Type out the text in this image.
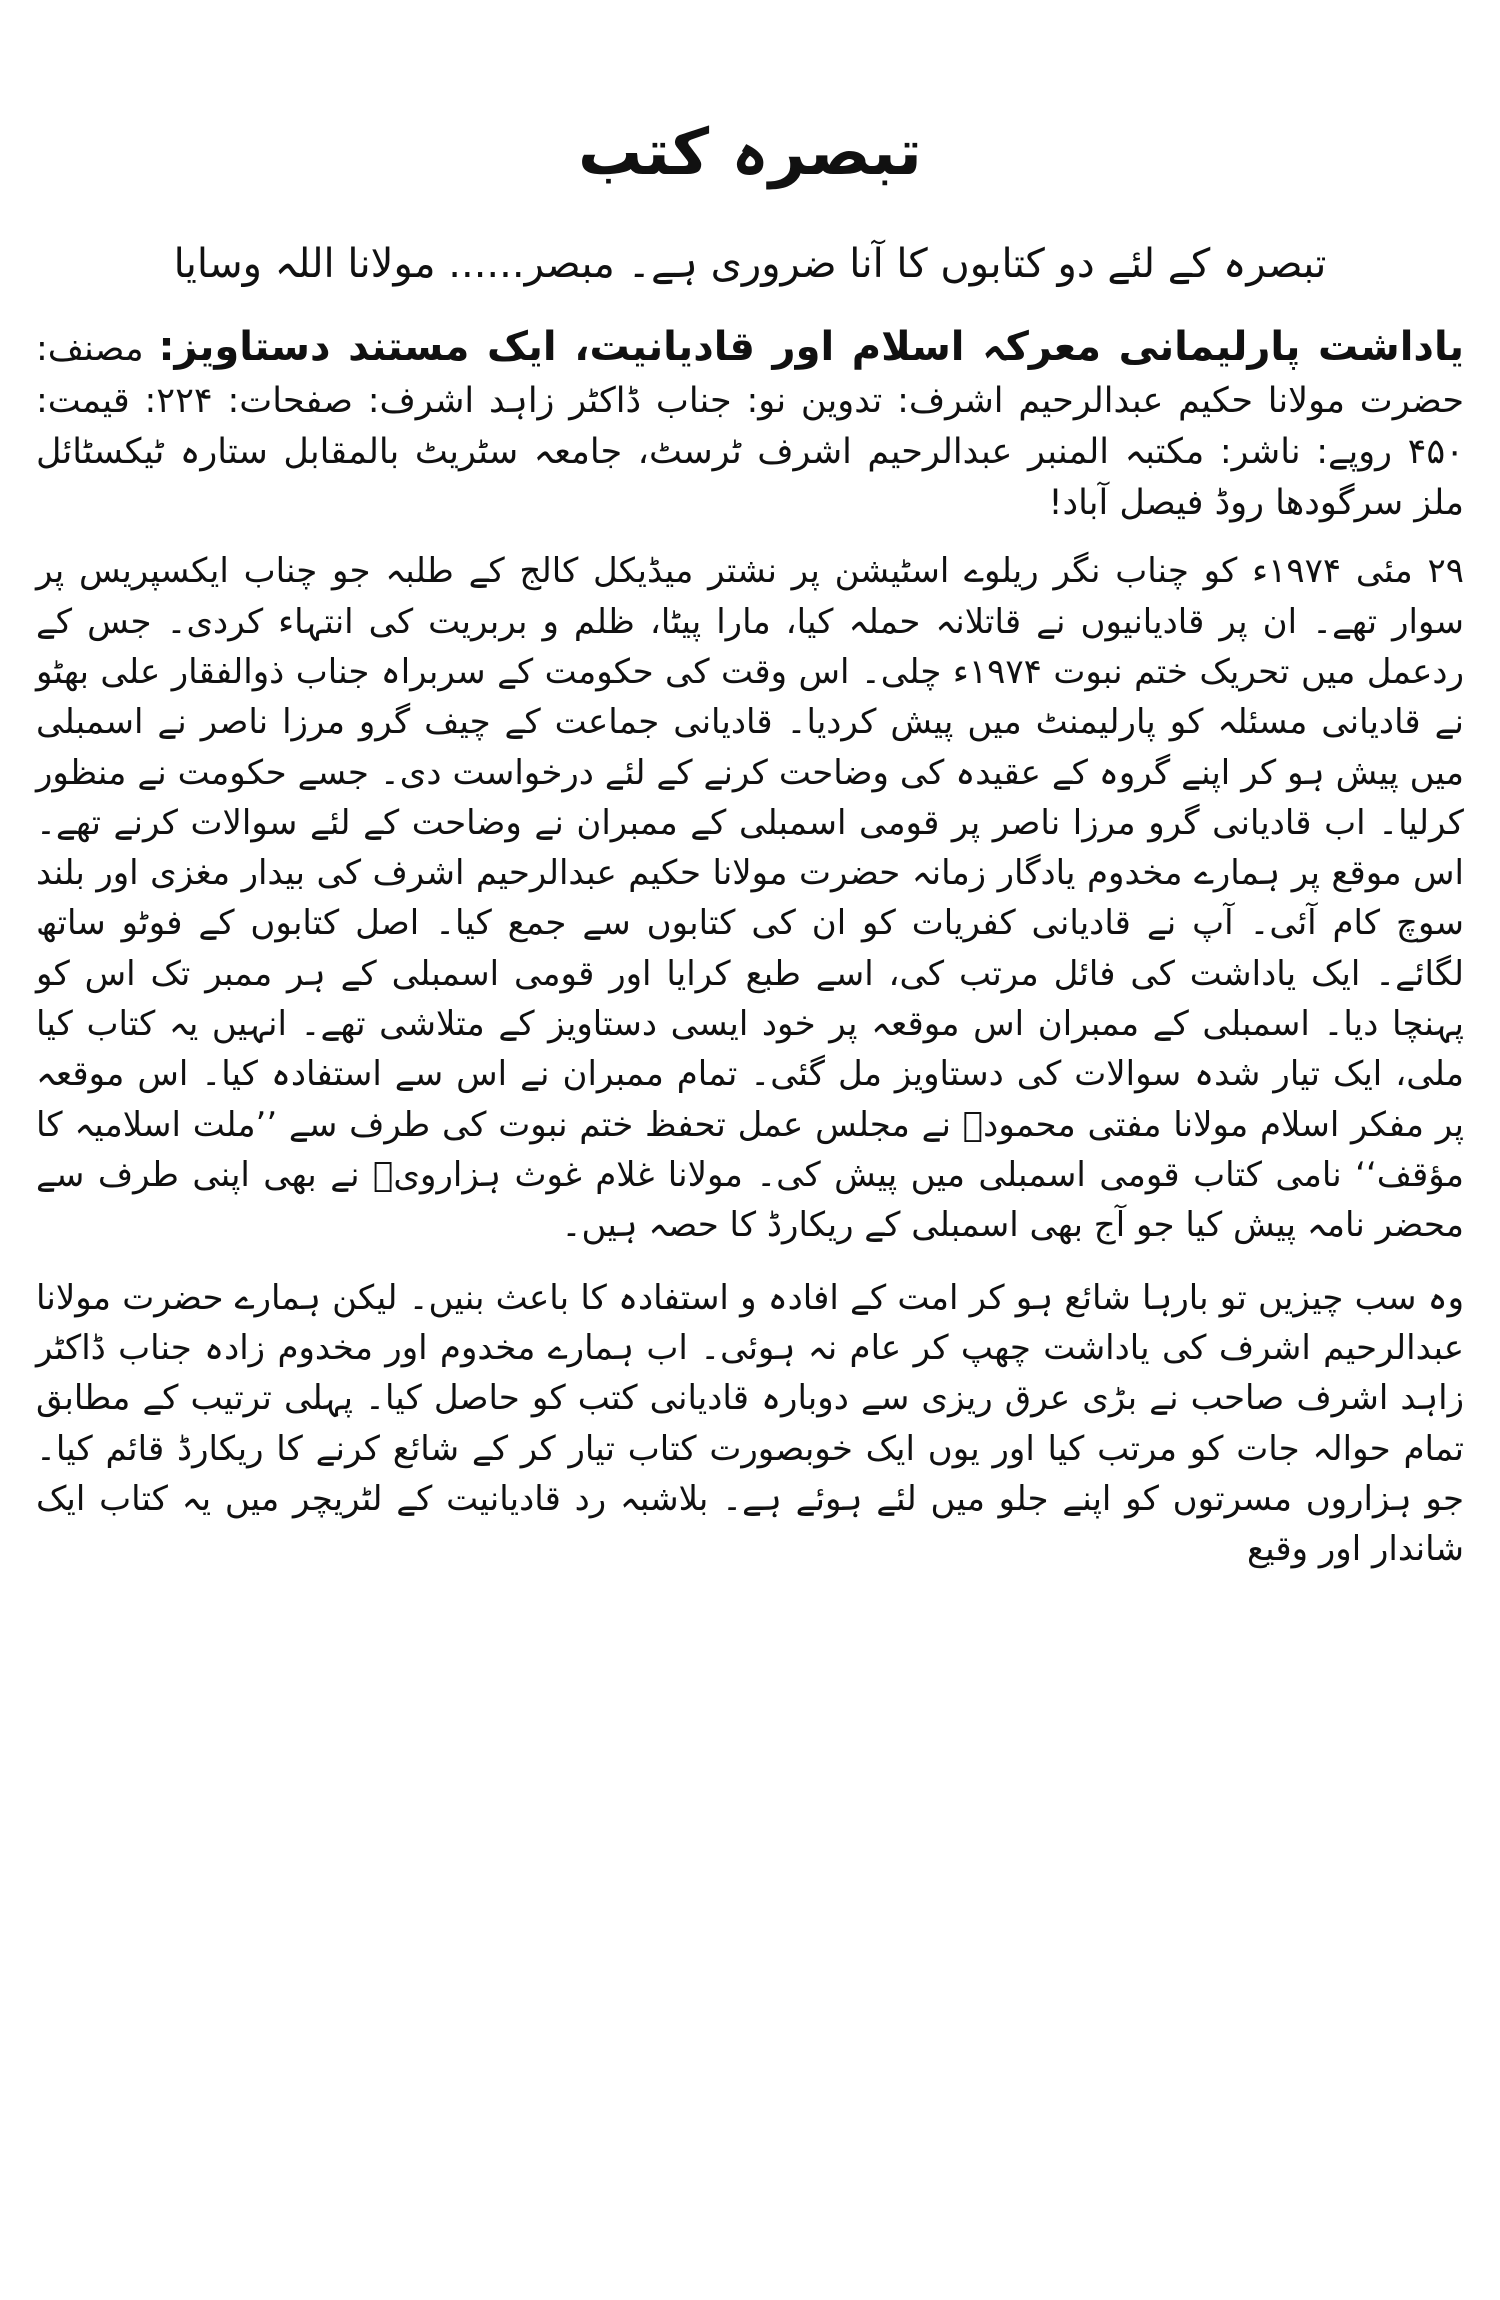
تبصرہ کتب
تبصرہ کے لئے دو کتابوں کا آنا ضروری ہے۔ مبصر...... مولانا اللہ وسایا

یاداشت پارلیمانی معرکہ اسلام اور قادیانیت، ایک مستند دستاویز: مصنف: حضرت مولانا حکیم عبدالرحیم اشرف: تدوین نو: جناب ڈاکٹر زاہد اشرف: صفحات: ۲۲۴: قیمت: ۴۵۰ روپے: ناشر: مکتبہ المنبر عبدالرحیم اشرف ٹرسٹ، جامعہ سٹریٹ بالمقابل ستارہ ٹیکسٹائل ملز سرگودھا روڈ فیصل آباد!

۲۹ مئی ۱۹۷۴ء کو چناب نگر ریلوے اسٹیشن پر نشتر میڈیکل کالج کے طلبہ جو چناب ایکسپریس پر سوار تھے۔ ان پر قادیانیوں نے قاتلانہ حملہ کیا، مارا پیٹا، ظلم و بربریت کی انتہاء کردی۔ جس کے ردعمل میں تحریک ختم نبوت ۱۹۷۴ء چلی۔ اس وقت کی حکومت کے سربراہ جناب ذوالفقار علی بھٹو نے قادیانی مسئلہ کو پارلیمنٹ میں پیش کردیا۔ قادیانی جماعت کے چیف گرو مرزا ناصر نے اسمبلی میں پیش ہو کر اپنے گروہ کے عقیدہ کی وضاحت کرنے کے لئے درخواست دی۔ جسے حکومت نے منظور کرلیا۔ اب قادیانی گرو مرزا ناصر پر قومی اسمبلی کے ممبران نے وضاحت کے لئے سوالات کرنے تھے۔ اس موقع پر ہمارے مخدوم یادگار زمانہ حضرت مولانا حکیم عبدالرحیم اشرف کی بیدار مغزی اور بلند سوچ کام آئی۔ آپ نے قادیانی کفریات کو ان کی کتابوں سے جمع کیا۔ اصل کتابوں کے فوٹو ساتھ لگائے۔ ایک یاداشت کی فائل مرتب کی، اسے طبع کرایا اور قومی اسمبلی کے ہر ممبر تک اس کو پہنچا دیا۔ اسمبلی کے ممبران اس موقعہ پر خود ایسی دستاویز کے متلاشی تھے۔ انہیں یہ کتاب کیا ملی، ایک تیار شدہ سوالات کی دستاویز مل گئی۔ تمام ممبران نے اس سے استفادہ کیا۔ اس موقعہ پر مفکر اسلام مولانا مفتی محمودؒ نے مجلس عمل تحفظ ختم نبوت کی طرف سے ’’ملت اسلامیہ کا مؤقف‘‘ نامی کتاب قومی اسمبلی میں پیش کی۔ مولانا غلام غوث ہزارویؒ نے بھی اپنی طرف سے محضر نامہ پیش کیا جو آج بھی اسمبلی کے ریکارڈ کا حصہ ہیں۔

وہ سب چیزیں تو بارہا شائع ہو کر امت کے افادہ و استفادہ کا باعث بنیں۔ لیکن ہمارے حضرت مولانا عبدالرحیم اشرف کی یاداشت چھپ کر عام نہ ہوئی۔ اب ہمارے مخدوم اور مخدوم زادہ جناب ڈاکٹر زاہد اشرف صاحب نے بڑی عرق ریزی سے دوبارہ قادیانی کتب کو حاصل کیا۔ پہلی ترتیب کے مطابق تمام حوالہ جات کو مرتب کیا اور یوں ایک خوبصورت کتاب تیار کر کے شائع کرنے کا ریکارڈ قائم کیا۔ جو ہزاروں مسرتوں کو اپنے جلو میں لئے ہوئے ہے۔ بلاشبہ رد قادیانیت کے لٹریچر میں یہ کتاب ایک شاندار اور وقیع
